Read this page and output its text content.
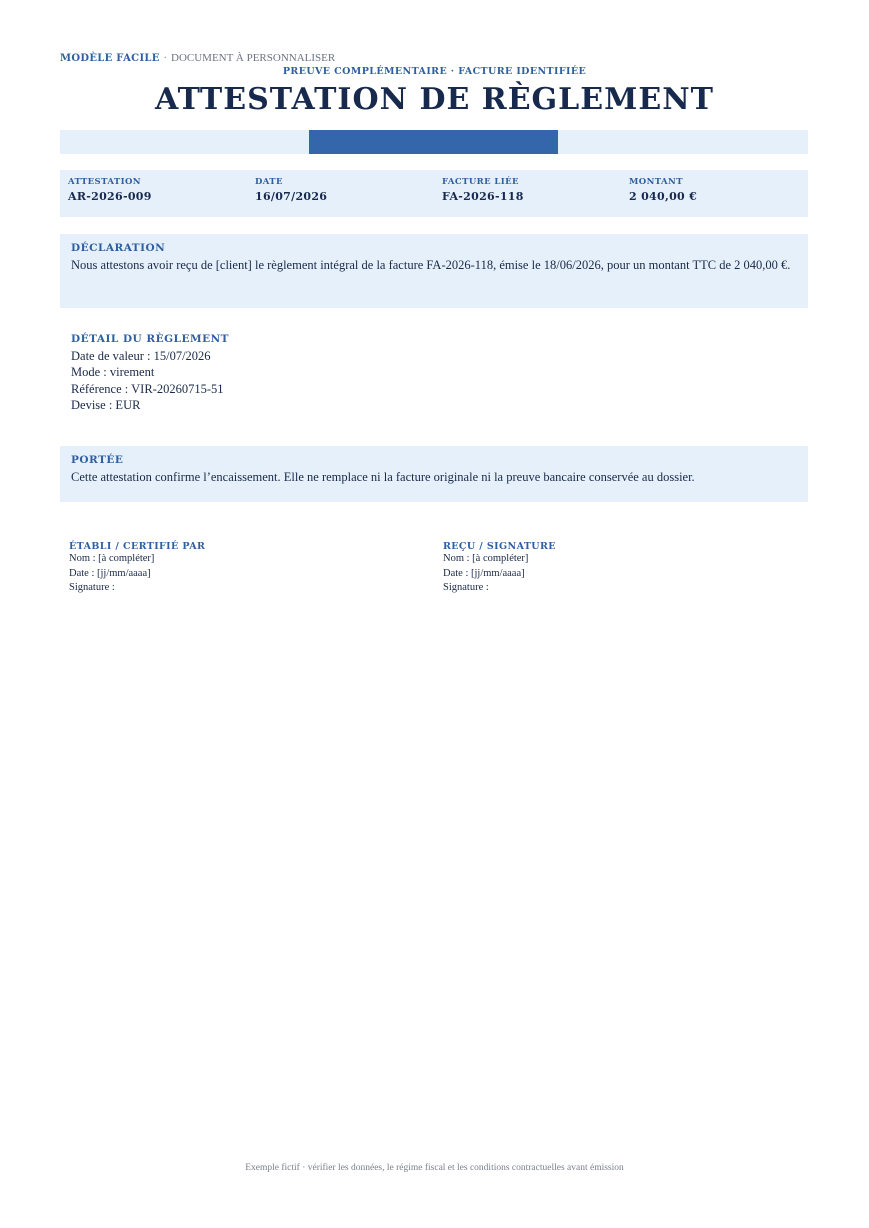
MODÈLE FACILE · DOCUMENT À PERSONNALISER
PREUVE COMPLÉMENTAIRE · FACTURE IDENTIFIÉE
ATTESTATION DE RÈGLEMENT
ATTESTATION
AR-2026-009
DATE
16/07/2026
FACTURE LIÉE
FA-2026-118
MONTANT
2 040,00 €
DÉCLARATION
Nous attestons avoir reçu de [client] le règlement intégral de la facture FA-2026-118, émise le 18/06/2026, pour un montant TTC de 2 040,00 €.
DÉTAIL DU RÈGLEMENT
Date de valeur : 15/07/2026
Mode : virement
Référence : VIR-20260715-51
Devise : EUR
PORTÉE
Cette attestation confirme l’encaissement. Elle ne remplace ni la facture originale ni la preuve bancaire conservée au dossier.
ÉTABLI / CERTIFIÉ PAR
Nom : [à compléter]
Date : [jj/mm/aaaa]
Signature :
REÇU / SIGNATURE
Nom : [à compléter]
Date : [jj/mm/aaaa]
Signature :
Exemple fictif · vérifier les données, le régime fiscal et les conditions contractuelles avant émission
